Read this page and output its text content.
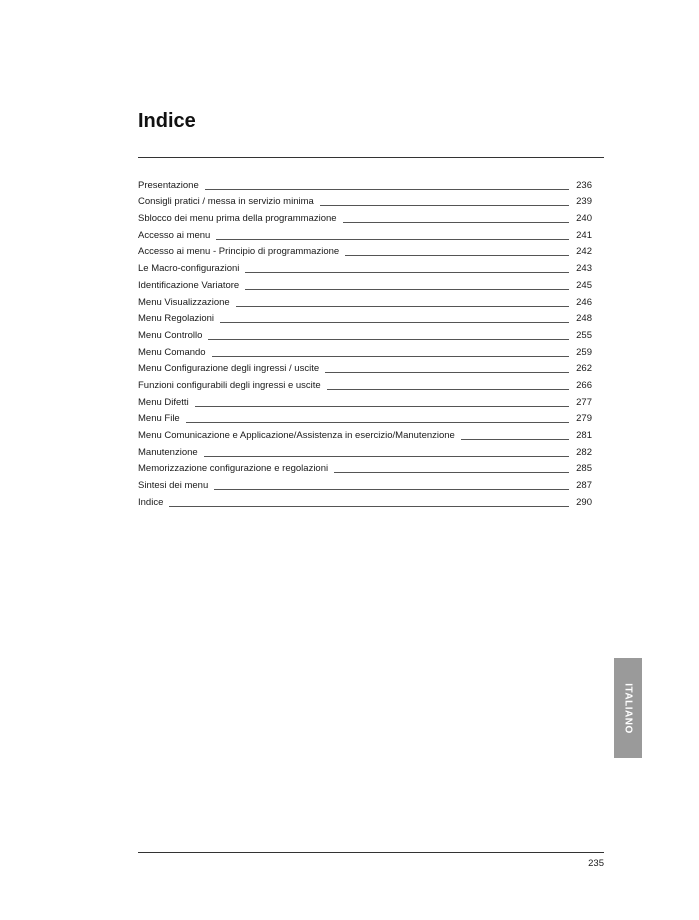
Indice
Presentazione	236
Consigli pratici / messa in servizio minima	239
Sblocco dei menu prima della programmazione	240
Accesso ai menu	241
Accesso ai menu - Principio di programmazione	242
Le Macro-configurazioni	243
Identificazione Variatore	245
Menu Visualizzazione	246
Menu Regolazioni	248
Menu Controllo	255
Menu Comando	259
Menu Configurazione degli ingressi / uscite	262
Funzioni configurabili degli ingressi e uscite	266
Menu Difetti	277
Menu File	279
Menu Comunicazione e Applicazione/Assistenza in esercizio/Manutenzione	281
Manutenzione	282
Memorizzazione configurazione e regolazioni	285
Sintesi dei menu	287
Indice	290
ITALIANO
235
